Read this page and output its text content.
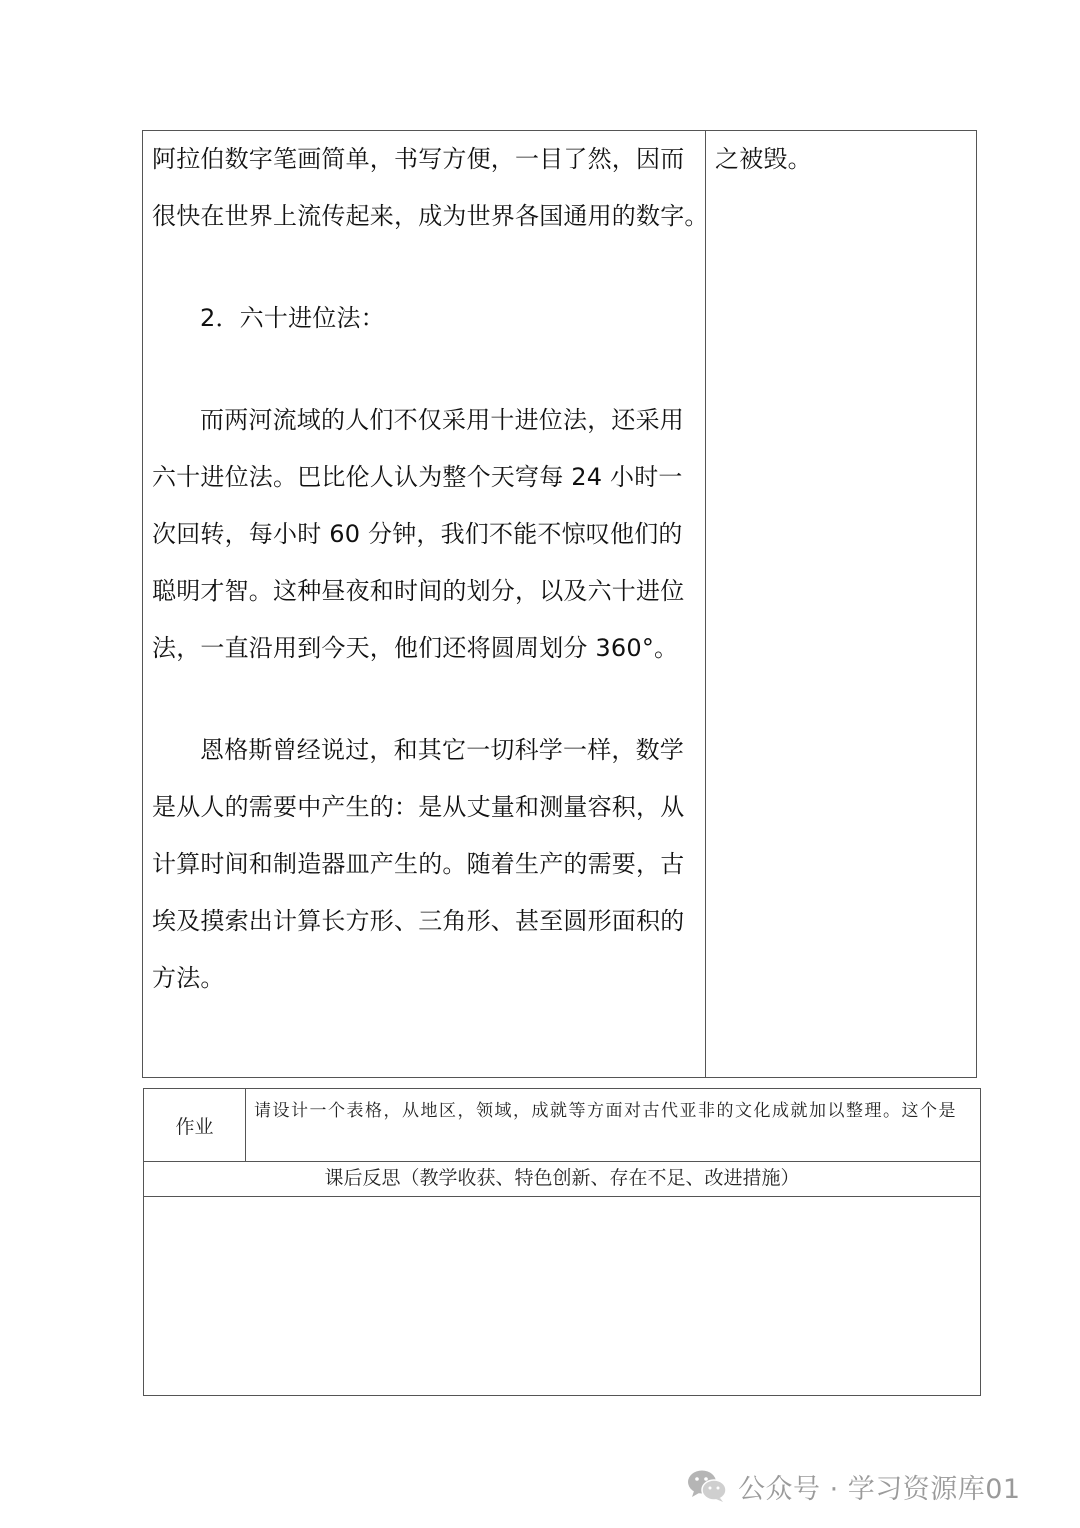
阿拉伯数字笔画简单，书写方便，一目了然，因而
很快在世界上流传起来，成为世界各国通用的数字。
2．六十进位法：
而两河流域的人们不仅采用十进位法，还采用
六十进位法。巴比伦人认为整个天穹每 24 小时一
次回转，每小时 60 分钟，我们不能不惊叹他们的
聪明才智。这种昼夜和时间的划分，以及六十进位
法，一直沿用到今天，他们还将圆周划分 360°。
恩格斯曾经说过，和其它一切科学一样，数学
是从人的需要中产生的：是从丈量和测量容积，从
计算时间和制造器皿产生的。随着生产的需要，古
埃及摸索出计算长方形、三角形、甚至圆形面积的
方法。
之被毁。
作业
请设计一个表格，从地区，领域，成就等方面对古代亚非的文化成就加以整理。这个是
课后反思（教学收获、特色创新、存在不足、改进措施）
公众号 · 学习资源库01
